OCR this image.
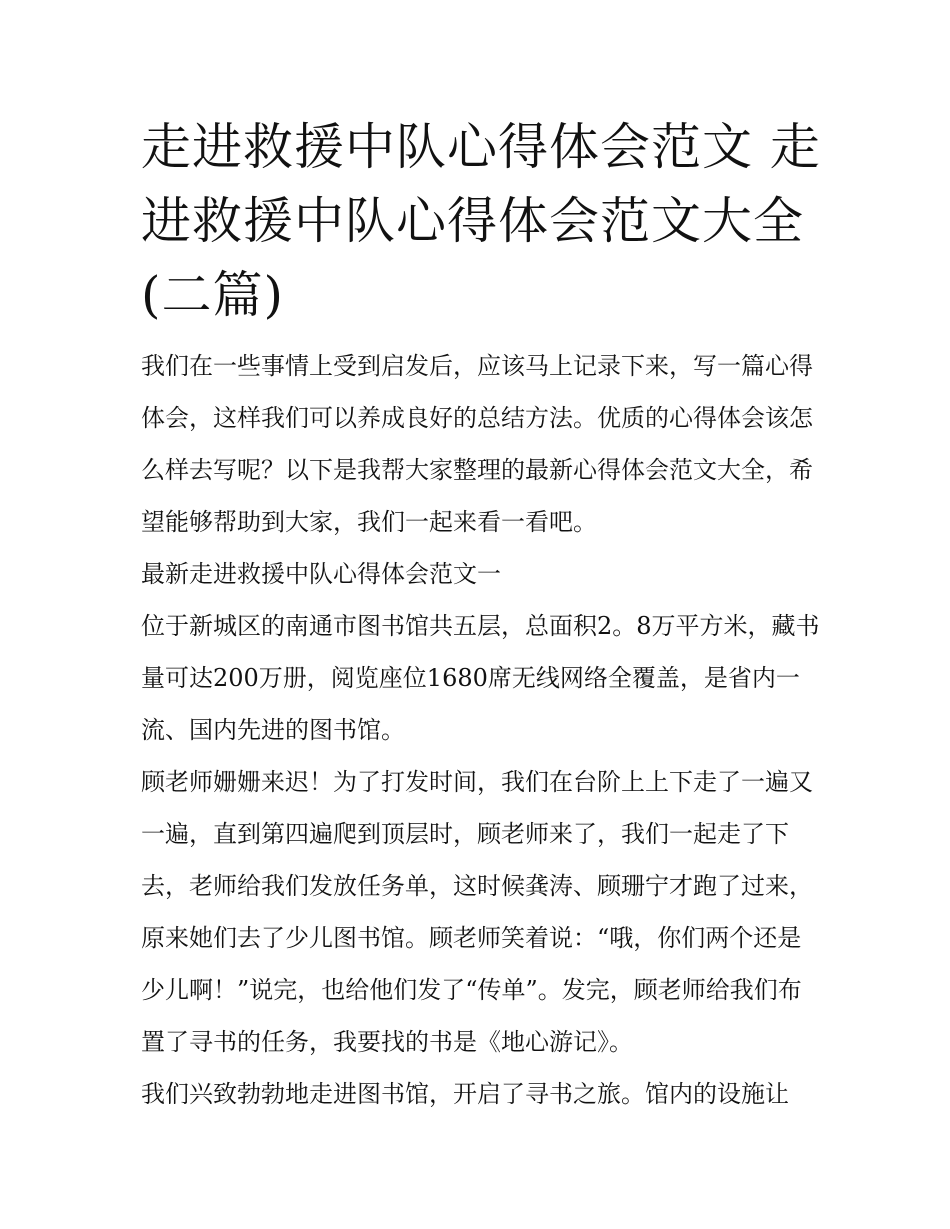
走进救援中队心得体会范文 走进救援中队心得体会范文大全(二篇)

我们在一些事情上受到启发后，应该马上记录下来，写一篇心得体会，这样我们可以养成良好的总结方法。优质的心得体会该怎么样去写呢？以下是我帮大家整理的最新心得体会范文大全，希望能够帮助到大家，我们一起来看一看吧。

最新走进救援中队心得体会范文一

位于新城区的南通市图书馆共五层，总面积2。8万平方米，藏书量可达200万册，阅览座位1680席无线网络全覆盖，是省内一流、国内先进的图书馆。

顾老师姗姗来迟！为了打发时间，我们在台阶上上下走了一遍又一遍，直到第四遍爬到顶层时，顾老师来了，我们一起走了下去，老师给我们发放任务单，这时候龚涛、顾珊宁才跑了过来，原来她们去了少儿图书馆。顾老师笑着说：“哦，你们两个还是少儿啊！”说完，也给他们发了“传单”。发完，顾老师给我们布置了寻书的任务，我要找的书是《地心游记》。

我们兴致勃勃地走进图书馆，开启了寻书之旅。馆内的设施让
